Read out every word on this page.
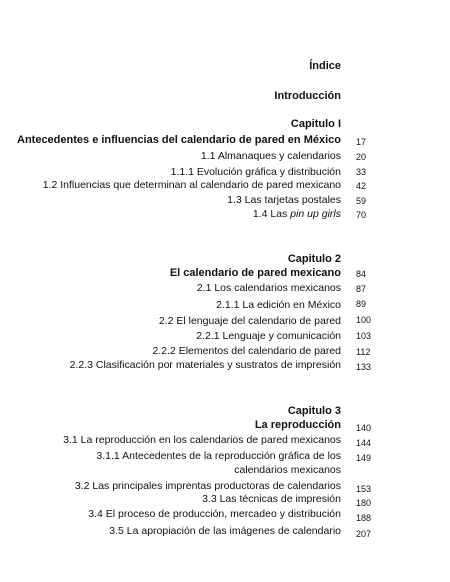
Índice
Introducción
Capitulo I
Antecedentes e influencias del calendario de pared en México 17
1.1 Almanaques y calendarios 20
1.1.1 Evolución gráfica y distribución 33
1.2 Influencias que determinan al calendario de pared mexicano 42
1.3 Las tarjetas postales 59
1.4 Las pin up girls 70
Capitulo 2
El calendario de pared mexicano 84
2.1 Los calendarios mexicanos 87
2.1.1 La edición en México 89
2.2 El lenguaje del calendario de pared 100
2.2.1 Lenguaje y comunicación 103
2.2.2 Elementos del calendario de pared 112
2.2.3 Clasificación por materiales y sustratos de impresión 133
Capitulo 3
La reproducción 140
3.1 La reproducción en los calendarios de pared mexicanos 144
3.1.1 Antecedentes de la reproducción gráfica de los 149
calendarios mexicanos
3.2 Las principales imprentas productoras de calendarios 153
3.3 Las técnicas de impresión 180
3.4 El proceso de producción, mercadeo y distribución 188
3.5 La apropiación de las imágenes de calendario 207
